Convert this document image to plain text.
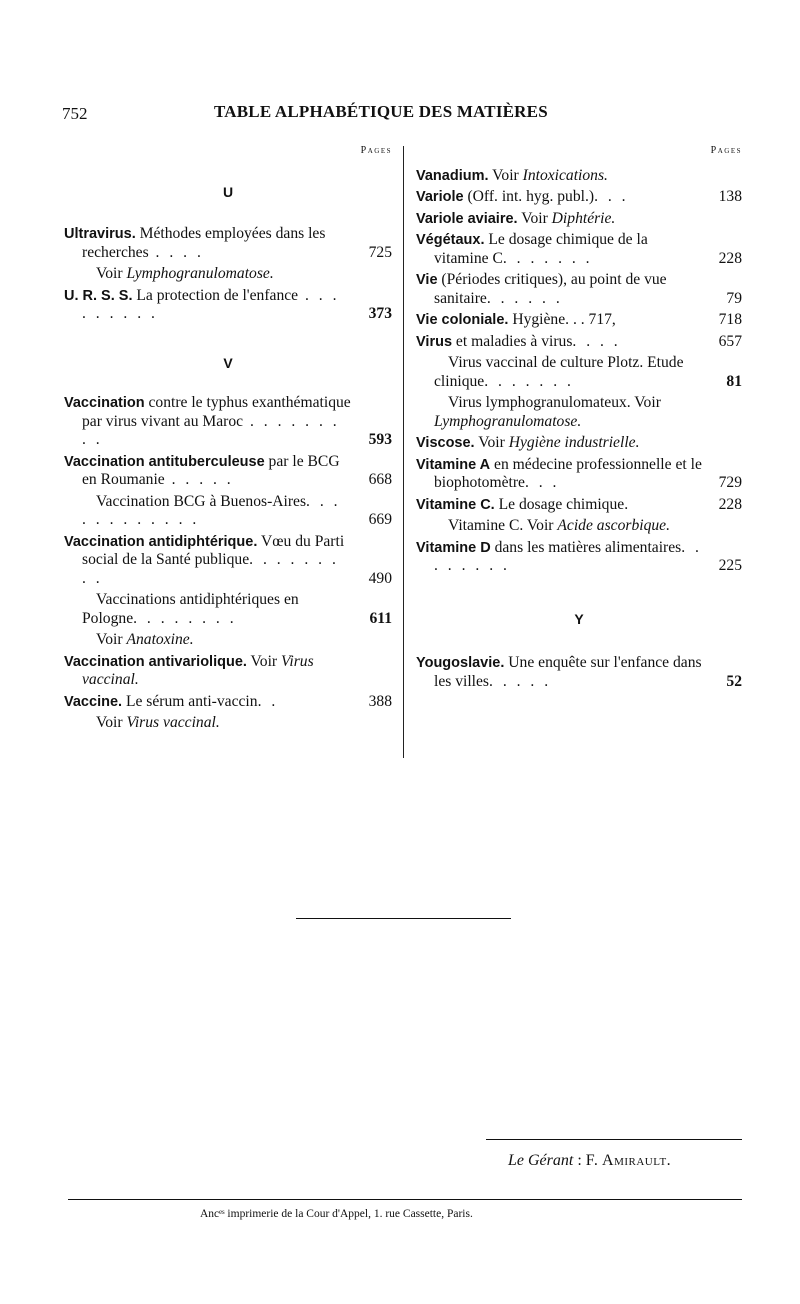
752	TABLE ALPHABÉTIQUE DES MATIÈRES
Pages
U
Ultravirus. Méthodes employées dans les recherches . . . .	725
Voir Lymphogranulomatose.
U. R. S. S. La protection de l'enfance . . . . . . . . .	373
V
Vaccination contre le typhus exanthématique par virus vivant au Maroc . . . . . . . . .	593
Vaccination antituberculeuse par le BCG en Roumanie . . . . .	668
Vaccination BCG à Buenos-Aires. . . . . . . . . . . .	669
Vaccination antidiphtérique. Vœu du Parti social de la Santé publique. . . . . . . . .	490
Vaccinations antidiphtériques en Pologne. . . . . . . .	611
Voir Anatoxine.
Vaccination antivariolique. Voir Virus vaccinal.
Vaccine. Le sérum anti-vaccin. .	388
Voir Virus vaccinal.
Pages
Vanadium. Voir Intoxications.
Variole (Off. int. hyg. publ.). . .	138
Variole aviaire. Voir Diphtérie.
Végétaux. Le dosage chimique de la vitamine C. . . . . . .	228
Vie (Périodes critiques), au point de vue sanitaire. . . . . .	79
Vie coloniale. Hygiène. . . 717,	718
Virus et maladies à virus. . . .	657
Virus vaccinal de culture Plotz. Etude clinique. . . . . . .	81
Virus lymphogranulomateux. Voir Lymphogranulomatose.
Viscose. Voir Hygiène industrielle.
Vitamine A en médecine professionnelle et le biophotomètre. . .	729
Vitamine C. Le dosage chimique.	228
Vitamine C. Voir Acide ascorbique.
Vitamine D dans les matières alimentaires. . . . . . . .	225
Y
Yougoslavie. Une enquête sur l'enfance dans les villes. . . . .	52
Le Gérant : F. Amirault.
Ancᵉˢ imprimerie de la Cour d'Appel, 1. rue Cassette, Paris.
